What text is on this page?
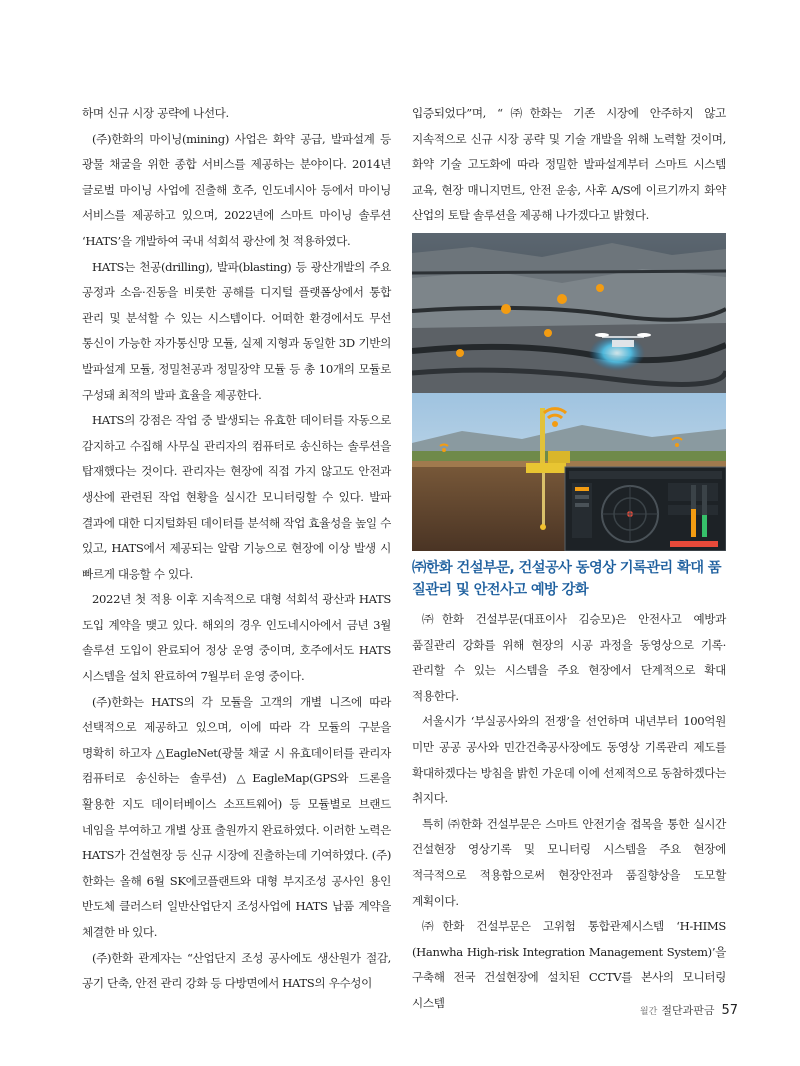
하며 신규 시장 공략에 나선다.

(주)한화의 마이닝(mining) 사업은 화약 공급, 발파설계 등 광물 채굴을 위한 종합 서비스를 제공하는 분야이다. 2014년 글로벌 마이닝 사업에 진출해 호주, 인도네시아 등에서 마이닝 서비스를 제공하고 있으며, 2022년에 스마트 마이닝 솔루션 ‘HATS’을 개발하여 국내 석회석 광산에 첫 적용하였다.

HATS는 천공(drilling), 발파(blasting) 등 광산개발의 주요 공정과 소음·진동을 비롯한 공해를 디지털 플랫폼상에서 통합 관리 및 분석할 수 있는 시스템이다. 어떠한 환경에서도 무선 통신이 가능한 자가통신망 모듈, 실제 지형과 동일한 3D 기반의 발파설계 모듈, 정밀천공과 정밀장약 모듈 등 총 10개의 모듈로 구성돼 최적의 발파 효율을 제공한다.

HATS의 강점은 작업 중 발생되는 유효한 데이터를 자동으로 감지하고 수집해 사무실 관리자의 컴퓨터로 송신하는 솔루션을 탑재했다는 것이다. 관리자는 현장에 직접 가지 않고도 안전과 생산에 관련된 작업 현황을 실시간 모니터링할 수 있다. 발파 결과에 대한 디지털화된 데이터를 분석해 작업 효율성을 높일 수 있고, HATS에서 제공되는 알람 기능으로 현장에 이상 발생 시 빠르게 대응할 수 있다.

2022년 첫 적용 이후 지속적으로 대형 석회석 광산과 HATS 도입 계약을 맺고 있다. 해외의 경우 인도네시아에서 금년 3월 솔루션 도입이 완료되어 정상 운영 중이며, 호주에서도 HATS 시스템을 설치 완료하여 7월부터 운영 중이다.

(주)한화는 HATS의 각 모듈을 고객의 개별 니즈에 따라 선택적으로 제공하고 있으며, 이에 따라 각 모듈의 구분을 명확히 하고자 △EagleNet(광물 채굴 시 유효데이터를 관리자 컴퓨터로 송신하는 솔루션) △EagleMap(GPS와 드론을 활용한 지도 데이터베이스 소프트웨어) 등 모듈별로 브랜드 네임을 부여하고 개별 상표 출원까지 완료하였다. 이러한 노력은 HATS가 건설현장 등 신규 시장에 진출하는데 기여하였다. (주)한화는 올해 6월 SK에코플랜트와 대형 부지조성 공사인 용인 반도체 클러스터 일반산업단지 조성사업에 HATS 납품 계약을 체결한 바 있다.

(주)한화 관계자는 “산업단지 조성 공사에도 생산원가 절감, 공기 단축, 안전 관리 강화 등 다방면에서 HATS의 우수성이

입증되었다”며, “㈜한화는 기존 시장에 안주하지 않고 지속적으로 신규 시장 공략 및 기술 개발을 위해 노력할 것이며, 화약 기술 고도화에 따라 정밀한 발파설계부터 스마트 시스템 교육, 현장 매니지먼트, 안전 운송, 사후 A/S에 이르기까지 화약 산업의 토탈 솔루션을 제공해 나가겠다고 밝혔다.

㈜한화 건설부문, 건설공사 동영상 기록관리 확대 품질관리 및 안전사고 예방 강화

㈜한화 건설부문(대표이사 김승모)은 안전사고 예방과 품질관리 강화를 위해 현장의 시공 과정을 동영상으로 기록·관리할 수 있는 시스템을 주요 현장에서 단계적으로 확대 적용한다.

서울시가 ‘부실공사와의 전쟁’을 선언하며 내년부터 100억원 미만 공공 공사와 민간건축공사장에도 동영상 기록관리 제도를 확대하겠다는 방침을 밝힌 가운데 이에 선제적으로 동참하겠다는 취지다.

특히 ㈜한화 건설부문은 스마트 안전기술 접목을 통한 실시간 건설현장 영상기록 및 모니터링 시스템을 주요 현장에 적극적으로 적용함으로써 현장안전과 품질향상을 도모할 계획이다.

㈜한화 건설부문은 고위험 통합관제시스템 ‘H-HIMS (Hanwha High-risk Integration Management System)’을 구축해 전국 건설현장에 설치된 CCTV를 본사의 모니터링 시스템

월간 절단과판금 57
